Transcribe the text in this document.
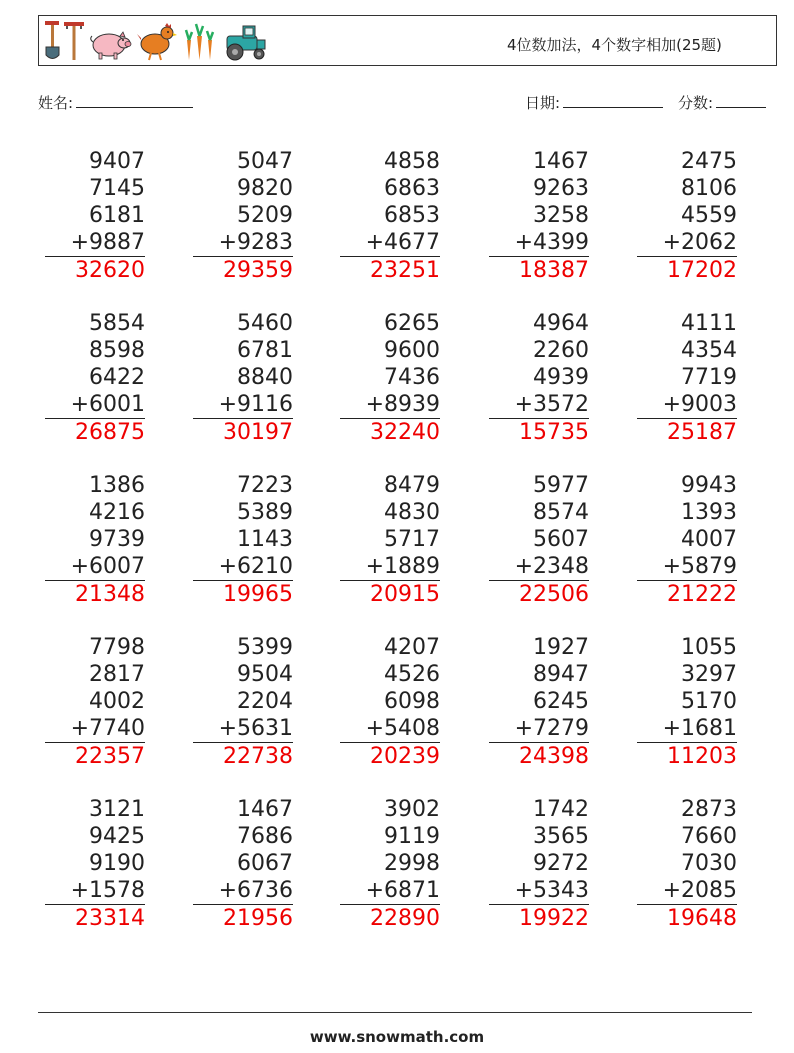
4位数加法，4个数字相加(25题)
姓名:	日期:	分数:
9407
7145
6181
+9887
32620
5047
9820
5209
+9283
29359
4858
6863
6853
+4677
23251
1467
9263
3258
+4399
18387
2475
8106
4559
+2062
17202
5854
8598
6422
+6001
26875
5460
6781
8840
+9116
30197
6265
9600
7436
+8939
32240
4964
2260
4939
+3572
15735
4111
4354
7719
+9003
25187
1386
4216
9739
+6007
21348
7223
5389
1143
+6210
19965
8479
4830
5717
+1889
20915
5977
8574
5607
+2348
22506
9943
1393
4007
+5879
21222
7798
2817
4002
+7740
22357
5399
9504
2204
+5631
22738
4207
4526
6098
+5408
20239
1927
8947
6245
+7279
24398
1055
3297
5170
+1681
11203
3121
9425
9190
+1578
23314
1467
7686
6067
+6736
21956
3902
9119
2998
+6871
22890
1742
3565
9272
+5343
19922
2873
7660
7030
+2085
19648
www.snowmath.com
